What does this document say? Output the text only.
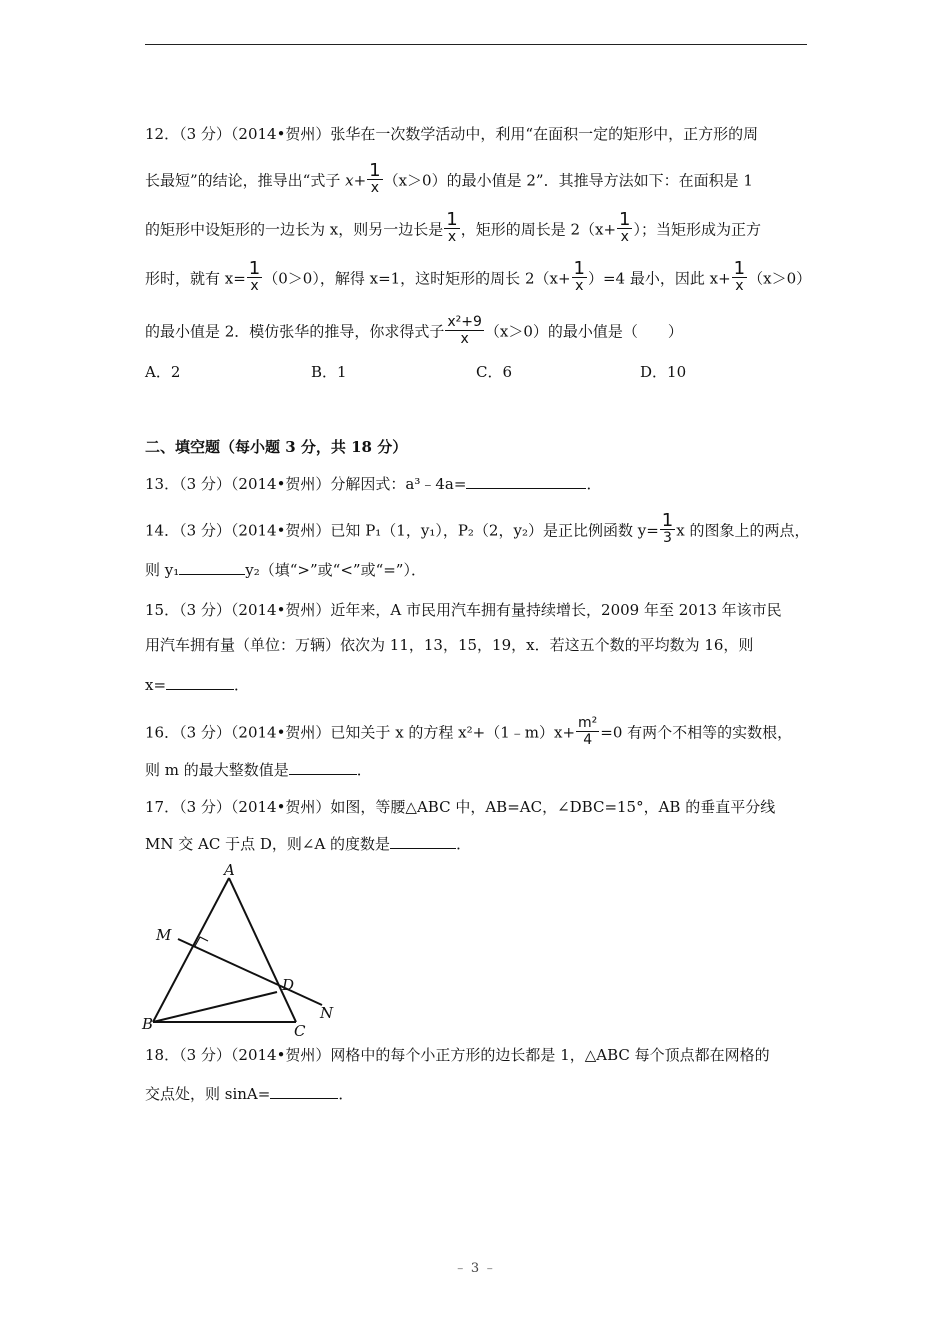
12．（3 分）（2014•贺州）张华在一次数学活动中，利用“在面积一定的矩形中，正方形的周
长最短”的结论，推导出“式子 $x+ \frac{1}{x} (x>0)$的最小值是 2”．其推导方法如下：在面积是 1
的矩形中设矩形的一边长为 x，则另一边长是 $\frac{1}{x}$ ，矩形的周长是 $2(x+ \frac{1}{x}$ ）；当矩形成为正方
形时，就有 $x= \frac{1}{x} (0>0)$，解得 x=1，这时矩形的周长 $2(x+ \frac{1}{x} )=4$ 最小，因此 $x+ \frac{1}{x} (x>0)$
的最小值是 2．模仿张华的推导，你求得式子 $\frac{\text{x²+9}}{x} (x>0)$的最小值是（　　）
A．2	B．1	C．6	D．10
二、填空题（每小题 3 分，共 18 分）
13．（3 分）（2014•贺州）分解因式：a³﹣4a=	．
14．（3 分）（2014•贺州）已知 P₁（1，y₁），P₂（2，y₂）是正比例函数 $y= \frac{1}{3}$ x 的图象上的两点，
则 y₁	y₂（填“>”或“<”或“=”）．
15．（3 分）（2014•贺州）近年来，A 市民用汽车拥有量持续增长，2009 年至 2013 年该市民
用汽车拥有量（单位：万辆）依次为 11，13，15，19，x．若这五个数的平均数为 16，则
x=	．
16．（3 分）（2014•贺州）已知关于 x 的方程 x²+（1﹣m）x+ $\frac{\text{m²}}{4} =0$ 有两个不相等的实数根，
则 m 的最大整数值是	．
17．（3 分）（2014•贺州）如图，等腰△ABC 中，AB=AC，∠DBC=15°，AB 的垂直平分线
MN 交 AC 于点 D，则∠A 的度数是	．
A
M
D
N
B	C
18．（3 分）（2014•贺州）网格中的每个小正方形的边长都是 1，△ABC 每个顶点都在网格的
交点处，则 sinA=	．
﹣ 3 ﹣
